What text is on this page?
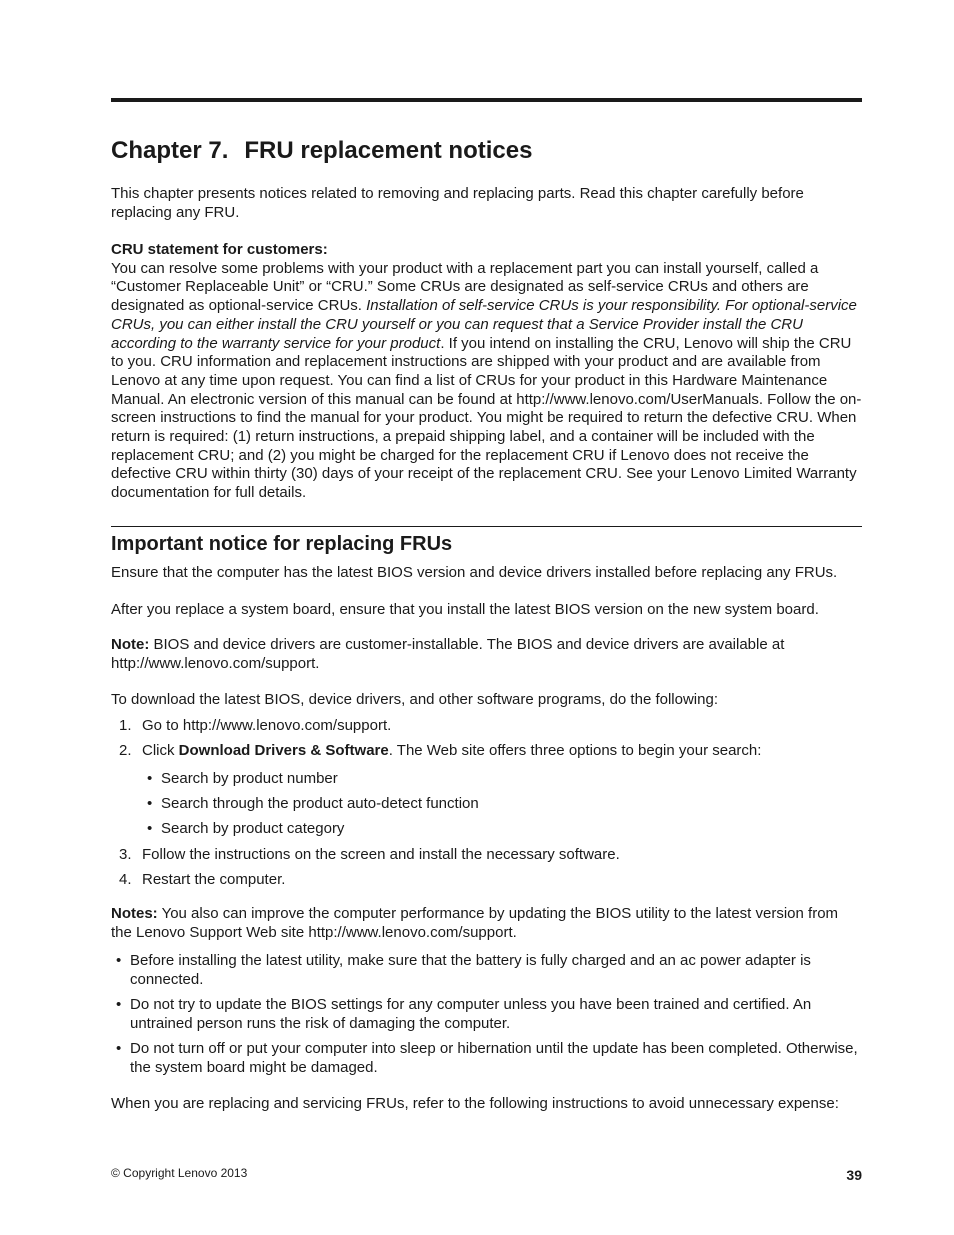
Chapter 7. FRU replacement notices

This chapter presents notices related to removing and replacing parts. Read this chapter carefully before replacing any FRU.

CRU statement for customers:

You can resolve some problems with your product with a replacement part you can install yourself, called a “Customer Replaceable Unit” or “CRU.” Some CRUs are designated as self-service CRUs and others are designated as optional-service CRUs. Installation of self-service CRUs is your responsibility. For optional-service CRUs, you can either install the CRU yourself or you can request that a Service Provider install the CRU according to the warranty service for your product. If you intend on installing the CRU, Lenovo will ship the CRU to you. CRU information and replacement instructions are shipped with your product and are available from Lenovo at any time upon request. You can find a list of CRUs for your product in this Hardware Maintenance Manual. An electronic version of this manual can be found at http://www.lenovo.com/UserManuals. Follow the on-screen instructions to find the manual for your product. You might be required to return the defective CRU. When return is required: (1) return instructions, a prepaid shipping label, and a container will be included with the replacement CRU; and (2) you might be charged for the replacement CRU if Lenovo does not receive the defective CRU within thirty (30) days of your receipt of the replacement CRU. See your Lenovo Limited Warranty documentation for full details.

Important notice for replacing FRUs

Ensure that the computer has the latest BIOS version and device drivers installed before replacing any FRUs.

After you replace a system board, ensure that you install the latest BIOS version on the new system board.

Note: BIOS and device drivers are customer-installable. The BIOS and device drivers are available at http://www.lenovo.com/support.

To download the latest BIOS, device drivers, and other software programs, do the following:

1. Go to http://www.lenovo.com/support.
2. Click Download Drivers & Software. The Web site offers three options to begin your search:
• Search by product number
• Search through the product auto-detect function
• Search by product category
3. Follow the instructions on the screen and install the necessary software.
4. Restart the computer.

Notes: You also can improve the computer performance by updating the BIOS utility to the latest version from the Lenovo Support Web site http://www.lenovo.com/support.

• Before installing the latest utility, make sure that the battery is fully charged and an ac power adapter is connected.
• Do not try to update the BIOS settings for any computer unless you have been trained and certified. An untrained person runs the risk of damaging the computer.
• Do not turn off or put your computer into sleep or hibernation until the update has been completed. Otherwise, the system board might be damaged.

When you are replacing and servicing FRUs, refer to the following instructions to avoid unnecessary expense:

© Copyright Lenovo 2013	39
